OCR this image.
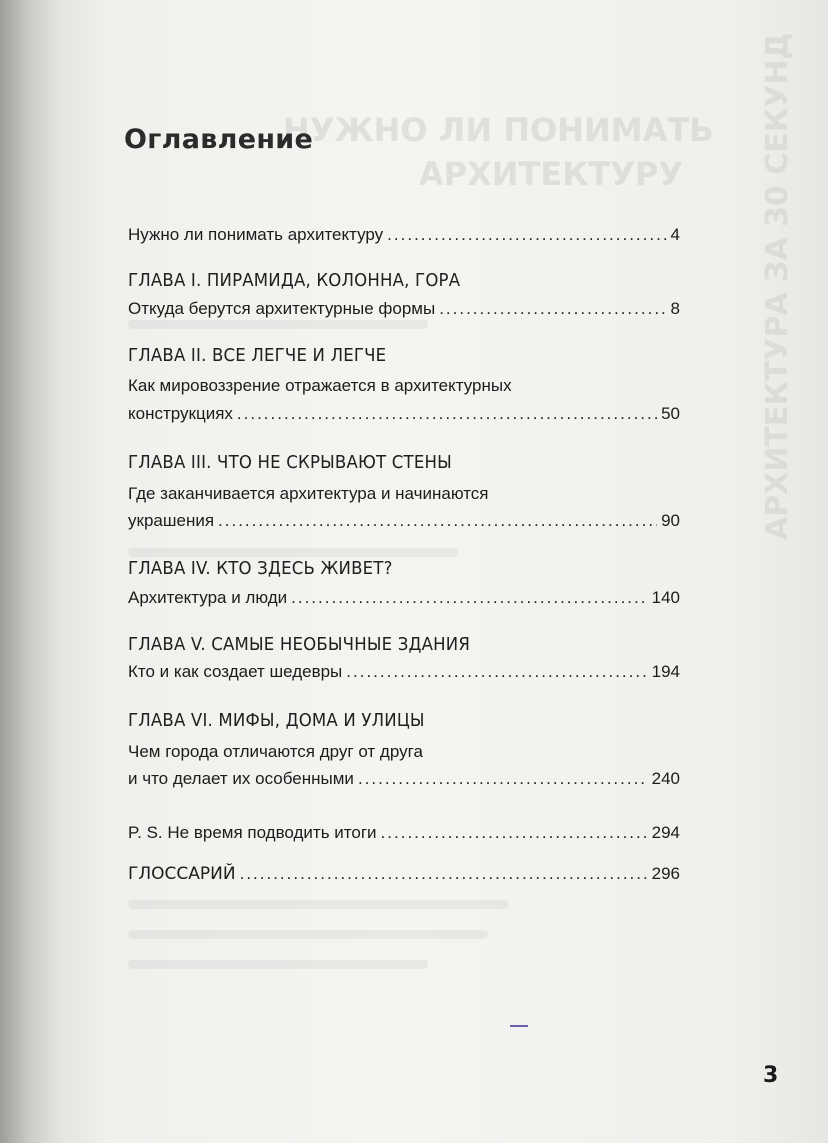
НУЖНО ЛИ ПОНИМАТЬ
АРХИТЕКТУРУ	АРХИТЕКТУРА ЗА 30 СЕКУНД
Оглавление
Нужно ли понимать архитектуру .....	4
ГЛАВА I. ПИРАМИДА, КОЛОННА, ГОРА
Откуда берутся архитектурные формы .....	8
ГЛАВА II. ВСЕ ЛЕГЧЕ И ЛЕГЧЕ
Как мировоззрение отражается в архитектурных
конструкциях .....	50
ГЛАВА III. ЧТО НЕ СКРЫВАЮТ СТЕНЫ
Где заканчивается архитектура и начинаются
украшения .....	90
ГЛАВА IV. КТО ЗДЕСЬ ЖИВЕТ?
Архитектура и люди .....	140
ГЛАВА V. САМЫЕ НЕОБЫЧНЫЕ ЗДАНИЯ
Кто и как создает шедевры .....	194
ГЛАВА VI. МИФЫ, ДОМА И УЛИЦЫ
Чем города отличаются друг от друга
и что делает их особенными .....	240
P. S. Не время подводить итоги .....	294
ГЛОССАРИЙ .....	296
3
